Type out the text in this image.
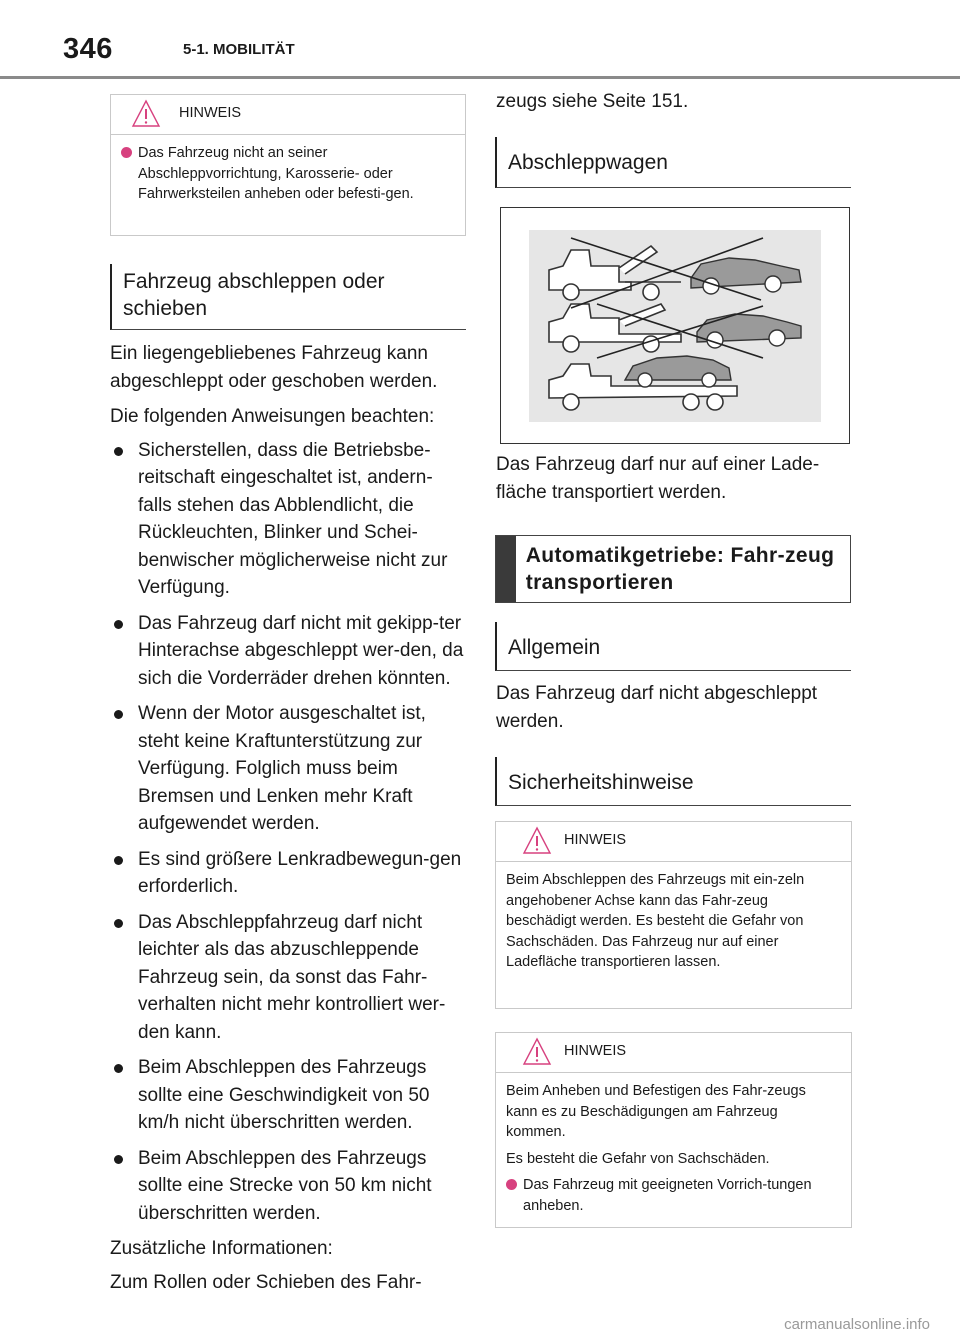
346	5-1. MOBILITÄT
HINWEIS
Das Fahrzeug nicht an seiner Abschleppvorrichtung, Karosserie- oder Fahrwerksteilen anheben oder befesti-gen.
Fahrzeug abschleppen oder schieben

Ein liegengebliebenes Fahrzeug kann abgeschleppt oder geschoben werden.

Die folgenden Anweisungen beachten:

Sicherstellen, dass die Betriebsbe-reitschaft eingeschaltet ist, andern-falls stehen das Abblendlicht, die Rückleuchten, Blinker und Schei-benwischer möglicherweise nicht zur Verfügung.
Das Fahrzeug darf nicht mit gekipp-ter Hinterachse abgeschleppt wer-den, da sich die Vorderräder drehen könnten.
Wenn der Motor ausgeschaltet ist, steht keine Kraftunterstützung zur Verfügung. Folglich muss beim Bremsen und Lenken mehr Kraft aufgewendet werden.
Es sind größere Lenkradbewegun-gen erforderlich.
Das Abschleppfahrzeug darf nicht leichter als das abzuschleppende Fahrzeug sein, da sonst das Fahr-verhalten nicht mehr kontrolliert wer-den kann.
Beim Abschleppen des Fahrzeugs sollte eine Geschwindigkeit von 50 km/h nicht überschritten werden.
Beim Abschleppen des Fahrzeugs sollte eine Strecke von 50 km nicht überschritten werden.

Zusätzliche Informationen:

Zum Rollen oder Schieben des Fahr-

zeugs siehe Seite 151.

Abschleppwagen

Das Fahrzeug darf nur auf einer Lade-fläche transportiert werden.

Automatikgetriebe: Fahr-zeug transportieren
Allgemein

Das Fahrzeug darf nicht abgeschleppt werden.

Sicherheitshinweise
HINWEIS

Beim Abschleppen des Fahrzeugs mit ein-zeln angehobener Achse kann das Fahr-zeug beschädigt werden. Es besteht die Gefahr von Sachschäden. Das Fahrzeug nur auf einer Ladefläche transportieren lassen.

HINWEIS

Beim Anheben und Befestigen des Fahr-zeugs kann es zu Beschädigungen am Fahrzeug kommen.

Es besteht die Gefahr von Sachschäden.

Das Fahrzeug mit geeigneten Vorrich-tungen anheben.
carmanualsonline.info
